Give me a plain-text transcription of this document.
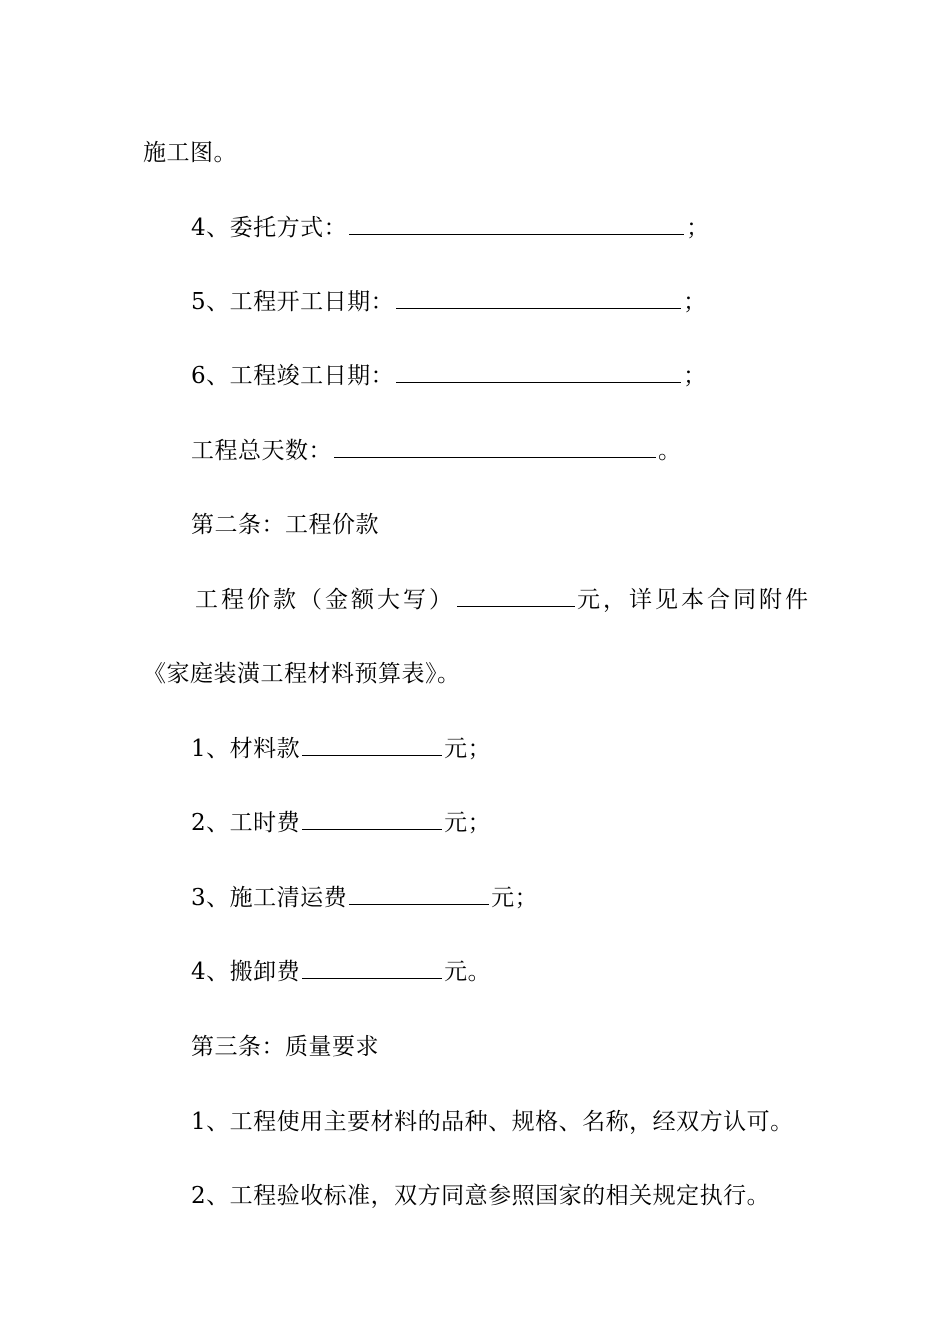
施工图。
4、委托方式：	；
5、工程开工日期：	；
6、工程竣工日期：	；
工程总天数：	。
第二条：工程价款
工程价款（金额大写）	元，详见本合同附件
《家庭装潢工程材料预算表》。
1、材料款	元；
2、工时费	元；
3、施工清运费	元；
4、搬卸费	元。
第三条：质量要求
1、工程使用主要材料的品种、规格、名称，经双方认可。
2、工程验收标准，双方同意参照国家的相关规定执行。
